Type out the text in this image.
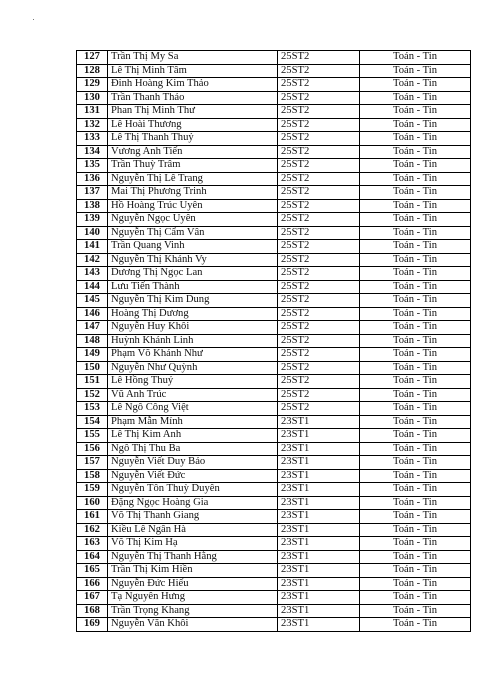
127	Trần Thị My Sa	25ST2	Toán - Tin
128	Lê Thị Minh Tâm	25ST2	Toán - Tin
129	Đinh Hoàng Kim Thảo	25ST2	Toán - Tin
130	Trần Thanh Thảo	25ST2	Toán - Tin
131	Phan Thị Minh Thư	25ST2	Toán - Tin
132	Lê Hoài Thương	25ST2	Toán - Tin
133	Lê Thị Thanh Thuỷ	25ST2	Toán - Tin
134	Vương Anh Tiến	25ST2	Toán - Tin
135	Trần Thuỳ Trâm	25ST2	Toán - Tin
136	Nguyễn Thị Lê Trang	25ST2	Toán - Tin
137	Mai Thị Phương Trinh	25ST2	Toán - Tin
138	Hồ Hoàng Trúc Uyên	25ST2	Toán - Tin
139	Nguyễn Ngọc Uyên	25ST2	Toán - Tin
140	Nguyễn Thị Cẩm Vân	25ST2	Toán - Tin
141	Trần Quang Vinh	25ST2	Toán - Tin
142	Nguyễn Thị Khánh Vy	25ST2	Toán - Tin
143	Dương Thị Ngọc Lan	25ST2	Toán - Tin
144	Lưu Tiến Thành	25ST2	Toán - Tin
145	Nguyễn Thị Kim Dung	25ST2	Toán - Tin
146	Hoàng Thị Dương	25ST2	Toán - Tin
147	Nguyễn Huy Khôi	25ST2	Toán - Tin
148	Huỳnh Khánh Linh	25ST2	Toán - Tin
149	Phạm Võ Khánh Như	25ST2	Toán - Tin
150	Nguyễn Như Quỳnh	25ST2	Toán - Tin
151	Lê Hồng Thuý	25ST2	Toán - Tin
152	Vũ Anh Trúc	25ST2	Toán - Tin
153	Lê Ngô Công Việt	25ST2	Toán - Tin
154	Phạm Mẫn Mính	23ST1	Toán - Tin
155	Lê Thị Kim Anh	23ST1	Toán - Tin
156	Ngô Thị Thu Ba	23ST1	Toán - Tin
157	Nguyễn Viết Duy Bảo	23ST1	Toán - Tin
158	Nguyễn Viết Đức	23ST1	Toán - Tin
159	Nguyễn Tôn Thuỳ Duyên	23ST1	Toán - Tin
160	Đặng Ngọc Hoàng Gia	23ST1	Toán - Tin
161	Võ Thị Thanh Giang	23ST1	Toán - Tin
162	Kiều Lê Ngân Hà	23ST1	Toán - Tin
163	Võ Thị Kim Hạ	23ST1	Toán - Tin
164	Nguyễn Thị Thanh Hằng	23ST1	Toán - Tin
165	Trần Thị Kim Hiền	23ST1	Toán - Tin
166	Nguyễn Đức Hiếu	23ST1	Toán - Tin
167	Tạ Nguyên Hưng	23ST1	Toán - Tin
168	Trần Trọng Khang	23ST1	Toán - Tin
169	Nguyễn Văn Khôi	23ST1	Toán - Tin
